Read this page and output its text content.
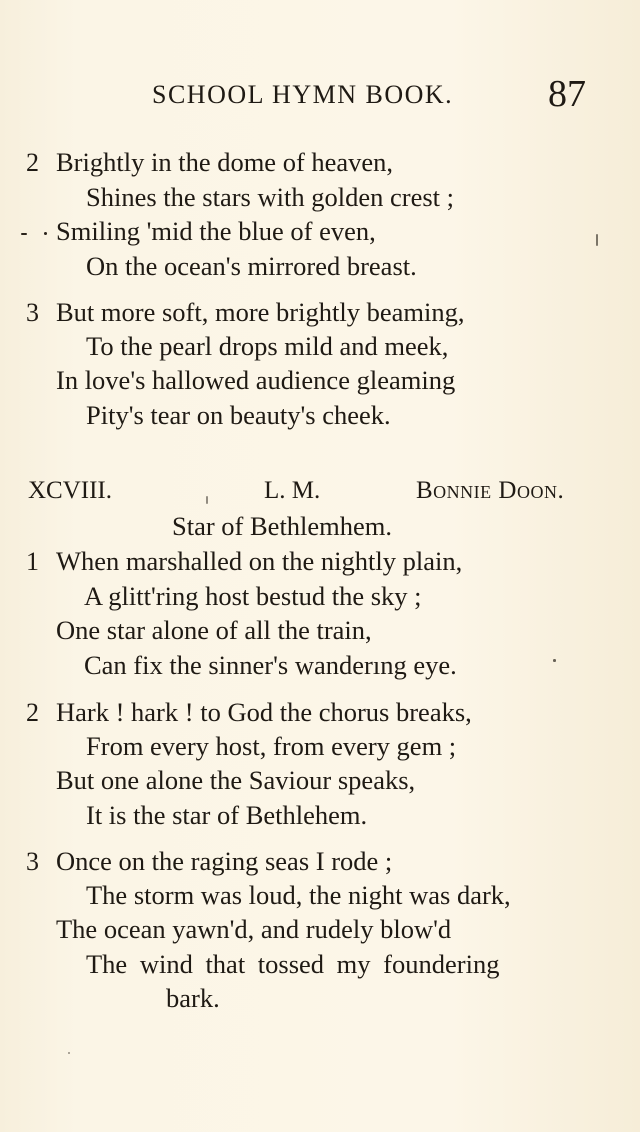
SCHOOL HYMN BOOK. 87
2 Brightly in the dome of heaven,
Shines the stars with golden crest ;
Smiling 'mid the blue of even,
On the ocean's mirrored breast.
3 But more soft, more brightly beaming,
To the pearl drops mild and meek,
In love's hallowed audience gleaming
Pity's tear on beauty's cheek.
XCVIII.	L. M.	Bonnie Doon.
Star of Bethlemhem.
1 When marshalled on the nightly plain,
A glitt'ring host bestud the sky ;
One star alone of all the train,
Can fix the sinner's wanderıng eye.
2 Hark ! hark ! to God the chorus breaks,
From every host, from every gem ;
But one alone the Saviour speaks,
It is the star of Bethlehem.
3 Once on the raging seas I rode ;
The storm was loud, the night was dark,
The ocean yawn'd, and rudely blow'd
The wind that tossed my foundering
bark.
